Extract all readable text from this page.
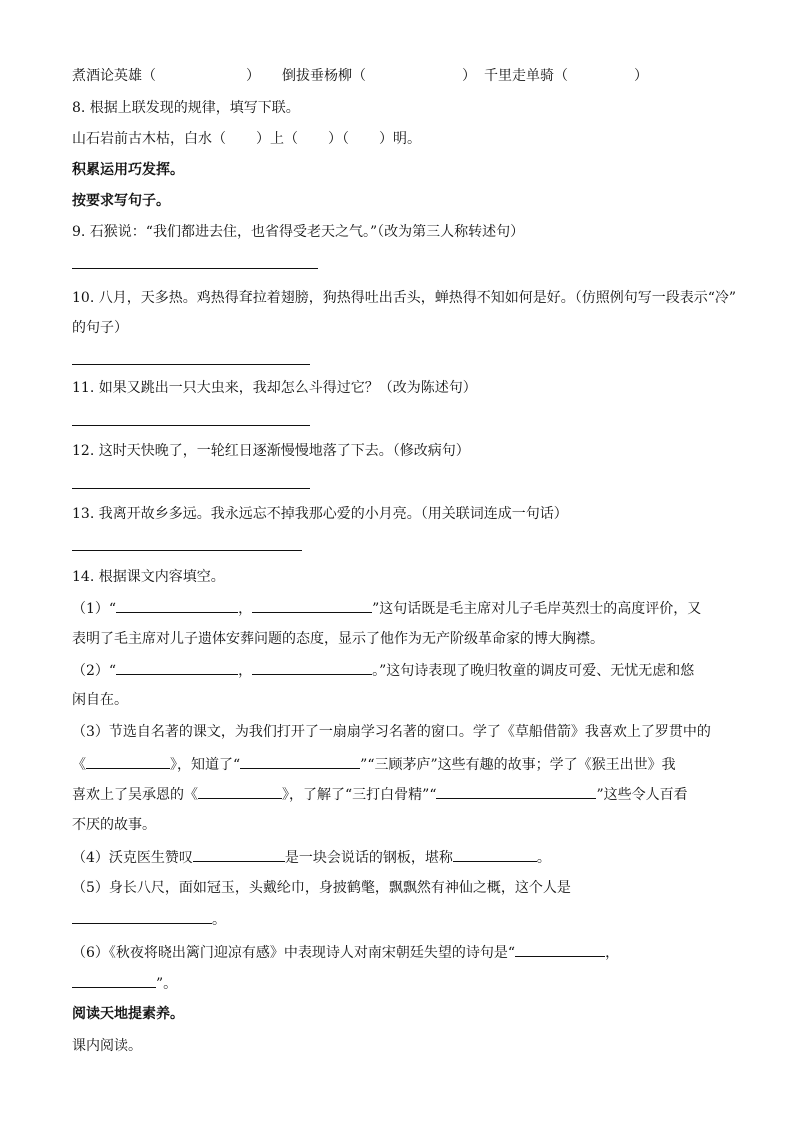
煮酒论英雄（	） 倒拔垂杨柳（	） 千里走单骑（	）
8. 根据上联发现的规律，填写下联。
山石岩前古木枯，白水（ ）上（ ）（ ）明。
积累运用巧发挥。
按要求写句子。
9. 石猴说：“我们都进去住，也省得受老天之气。”（改为第三人称转述句）
10. 八月，天多热。鸡热得耷拉着翅膀，狗热得吐出舌头，蝉热得不知如何是好。（仿照例句写一段表示“冷”
的句子）
11. 如果又跳出一只大虫来，我却怎么斗得过它？（改为陈述句）
12. 这时天快晚了，一轮红日逐渐慢慢地落了下去。（修改病句）
13. 我离开故乡多远。我永远忘不掉我那心爱的小月亮。（用关联词连成一句话）
14. 根据课文内容填空。
（1）“	，	”这句话既是毛主席对儿子毛岸英烈士的高度评价，又
表明了毛主席对儿子遗体安葬问题的态度，显示了他作为无产阶级革命家的博大胸襟。
（2）“	，	。”这句诗表现了晚归牧童的调皮可爱、无忧无虑和悠
闲自在。
（3）节选自名著的课文，为我们打开了一扇扇学习名著的窗口。学了《草船借箭》我喜欢上了罗贯中的
《	》，知道了“	”“三顾茅庐”这些有趣的故事；学了《猴王出世》我
喜欢上了吴承恩的《	》，了解了“三打白骨精”“	”这些令人百看
不厌的故事。
（4）沃克医生赞叹	是一块会说话的钢板，堪称	。
（5）身长八尺，面如冠玉，头戴纶巾，身披鹤氅，飘飘然有神仙之概，这个人是
。
（6）《秋夜将晓出篱门迎凉有感》中表现诗人对南宋朝廷失望的诗句是“	，
”。
阅读天地提素养。
课内阅读。
